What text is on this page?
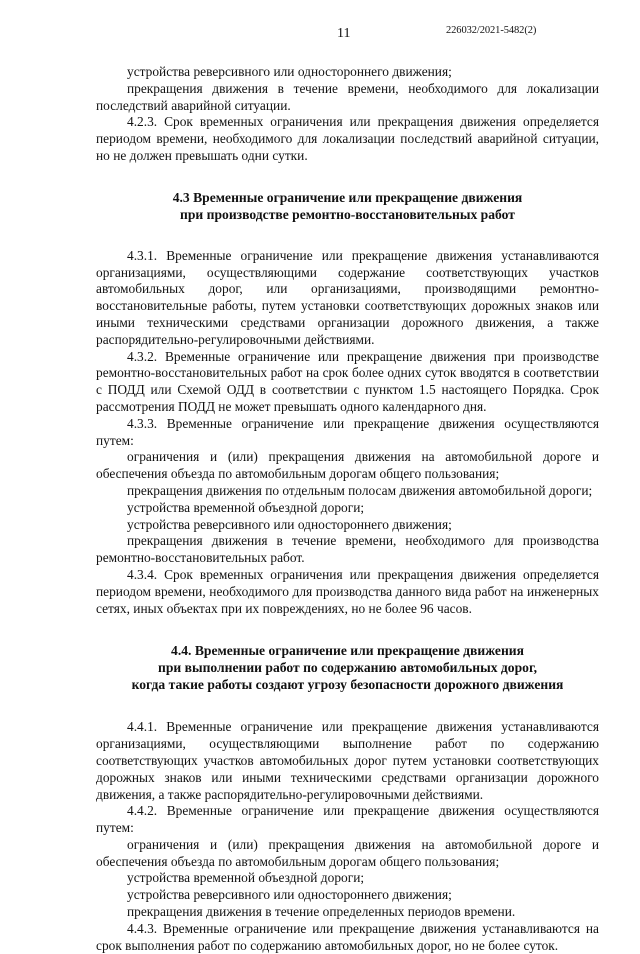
11	226032/2021-5482(2)

устройства реверсивного или одностороннего движения;

прекращения движения в течение времени, необходимого для локализации последствий аварийной ситуации.

4.2.3. Срок временных ограничения или прекращения движения определяется периодом времени, необходимого для локализации последствий аварийной ситуации, но не должен превышать одни сутки.

4.3 Временные ограничение или прекращение движения
при производстве ремонтно-восстановительных работ

4.3.1. Временные ограничение или прекращение движения устанавливаются организациями, осуществляющими содержание соответствующих участков автомобильных дорог, или организациями, производящими ремонтно-восстановительные работы, путем установки соответствующих дорожных знаков или иными техническими средствами организации дорожного движения, а также распорядительно-регулировочными действиями.

4.3.2. Временные ограничение или прекращение движения при производстве ремонтно-восстановительных работ на срок более одних суток вводятся в соответствии с ПОДД или Схемой ОДД в соответствии с пунктом 1.5 настоящего Порядка. Срок рассмотрения ПОДД не может превышать одного календарного дня.

4.3.3. Временные ограничение или прекращение движения осуществляются путем:

ограничения и (или) прекращения движения на автомобильной дороге и обеспечения объезда по автомобильным дорогам общего пользования;

прекращения движения по отдельным полосам движения автомобильной дороги;

устройства временной объездной дороги;

устройства реверсивного или одностороннего движения;

прекращения движения в течение времени, необходимого для производства ремонтно-восстановительных работ.

4.3.4. Срок временных ограничения или прекращения движения определяется периодом времени, необходимого для производства данного вида работ на инженерных сетях, иных объектах при их повреждениях, но не более 96 часов.

4.4. Временные ограничение или прекращение движения
при выполнении работ по содержанию автомобильных дорог,
когда такие работы создают угрозу безопасности дорожного движения

4.4.1. Временные ограничение или прекращение движения устанавливаются организациями, осуществляющими выполнение работ по содержанию соответствующих участков автомобильных дорог путем установки соответствующих дорожных знаков или иными техническими средствами организации дорожного движения, а также распорядительно-регулировочными действиями.

4.4.2. Временные ограничение или прекращение движения осуществляются путем:

ограничения и (или) прекращения движения на автомобильной дороге и обеспечения объезда по автомобильным дорогам общего пользования;

устройства временной объездной дороги;

устройства реверсивного или одностороннего движения;

прекращения движения в течение определенных периодов времени.

4.4.3. Временные ограничение или прекращение движения устанавливаются на срок выполнения работ по содержанию автомобильных дорог, но не более суток.
